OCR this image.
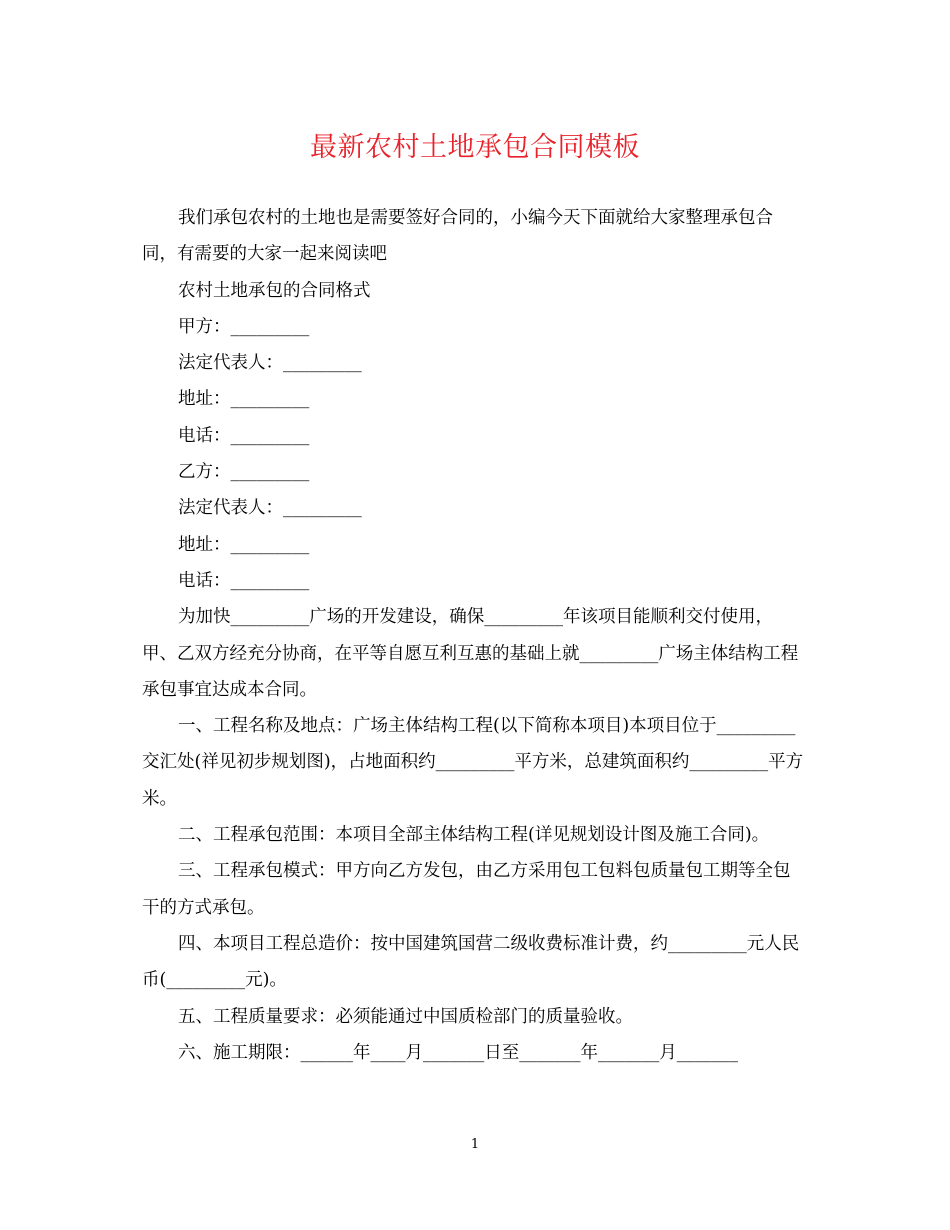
最新农村土地承包合同模板

我们承包农村的土地也是需要签好合同的，小编今天下面就给大家整理承包合同，有需要的大家一起来阅读吧

农村土地承包的合同格式

甲方：_________

法定代表人：_________

地址：_________

电话：_________

乙方：_________

法定代表人：_________

地址：_________

电话：_________

为加快_________广场的开发建设，确保_________年该项目能顺利交付使用，甲、乙双方经充分协商，在平等自愿互利互惠的基础上就_________广场主体结构工程承包事宜达成本合同。

一、工程名称及地点：广场主体结构工程(以下简称本项目)本项目位于_________交汇处(祥见初步规划图)，占地面积约_________平方米，总建筑面积约_________平方米。

二、工程承包范围：本项目全部主体结构工程(详见规划设计图及施工合同)。

三、工程承包模式：甲方向乙方发包，由乙方采用包工包料包质量包工期等全包干的方式承包。

四、本项目工程总造价：按中国建筑国营二级收费标准计费，约_________元人民币(_________元)。

五、工程质量要求：必须能通过中国质检部门的质量验收。

六、施工期限：______年____月_______日至_______年_______月_______

1
